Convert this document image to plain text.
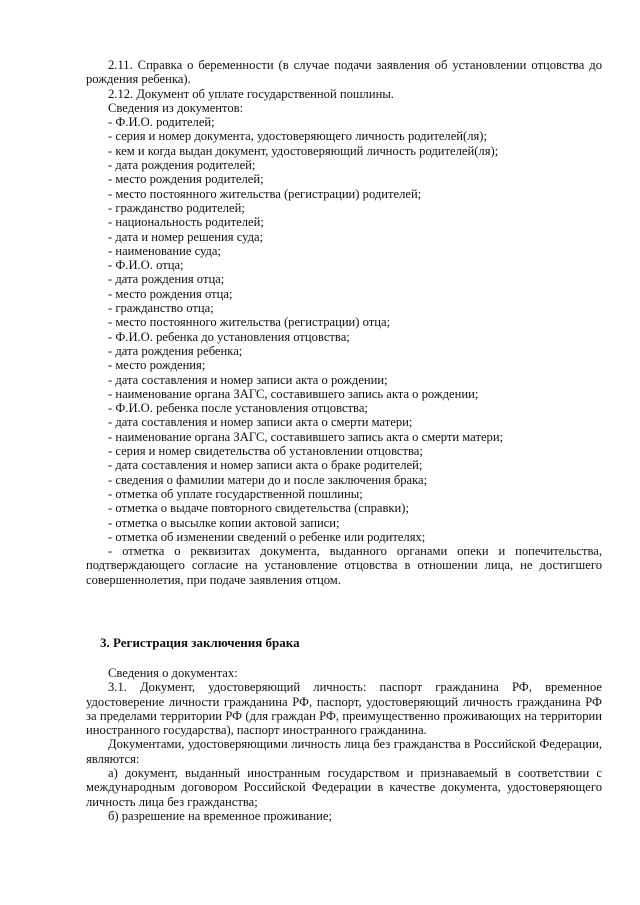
2.11. Справка о беременности (в случае подачи заявления об установлении отцовства до рождения ребенка).

2.12. Документ об уплате государственной пошлины.

Сведения из документов:

- Ф.И.О. родителей;

- серия и номер документа, удостоверяющего личность родителей(ля);

- кем и когда выдан документ, удостоверяющий личность родителей(ля);

- дата рождения родителей;

- место рождения родителей;

- место постоянного жительства (регистрации) родителей;

- гражданство родителей;

- национальность родителей;

- дата и номер решения суда;

- наименование суда;

- Ф.И.О. отца;

- дата рождения отца;

- место рождения отца;

- гражданство отца;

- место постоянного жительства (регистрации) отца;

- Ф.И.О. ребенка до установления отцовства;

- дата рождения ребенка;

- место рождения;

- дата составления и номер записи акта о рождении;

- наименование органа ЗАГС, составившего запись акта о рождении;

- Ф.И.О. ребенка после установления отцовства;

- дата составления и номер записи акта о смерти матери;

- наименование органа ЗАГС, составившего запись акта о смерти матери;

- серия и номер свидетельства об установлении отцовства;

- дата составления и номер записи акта о браке родителей;

- сведения о фамилии матери до и после заключения брака;

- отметка об уплате государственной пошлины;

- отметка о выдаче повторного свидетельства (справки);

- отметка о высылке копии актовой записи;

- отметка об изменении сведений о ребенке или родителях;

- отметка о реквизитах документа, выданного органами опеки и попечительства, подтверждающего согласие на установление отцовства в отношении лица, не достигшего совершеннолетия, при подаче заявления отцом.

3. Регистрация заключения брака

Сведения о документах:

3.1. Документ, удостоверяющий личность: паспорт гражданина РФ, временное удостоверение личности гражданина РФ, паспорт, удостоверяющий личность гражданина РФ за пределами территории РФ (для граждан РФ, преимущественно проживающих на территории иностранного государства), паспорт иностранного гражданина.

Документами, удостоверяющими личность лица без гражданства в Российской Федерации, являются:

а) документ, выданный иностранным государством и признаваемый в соответствии с международным договором Российской Федерации в качестве документа, удостоверяющего личность лица без гражданства;

б) разрешение на временное проживание;
